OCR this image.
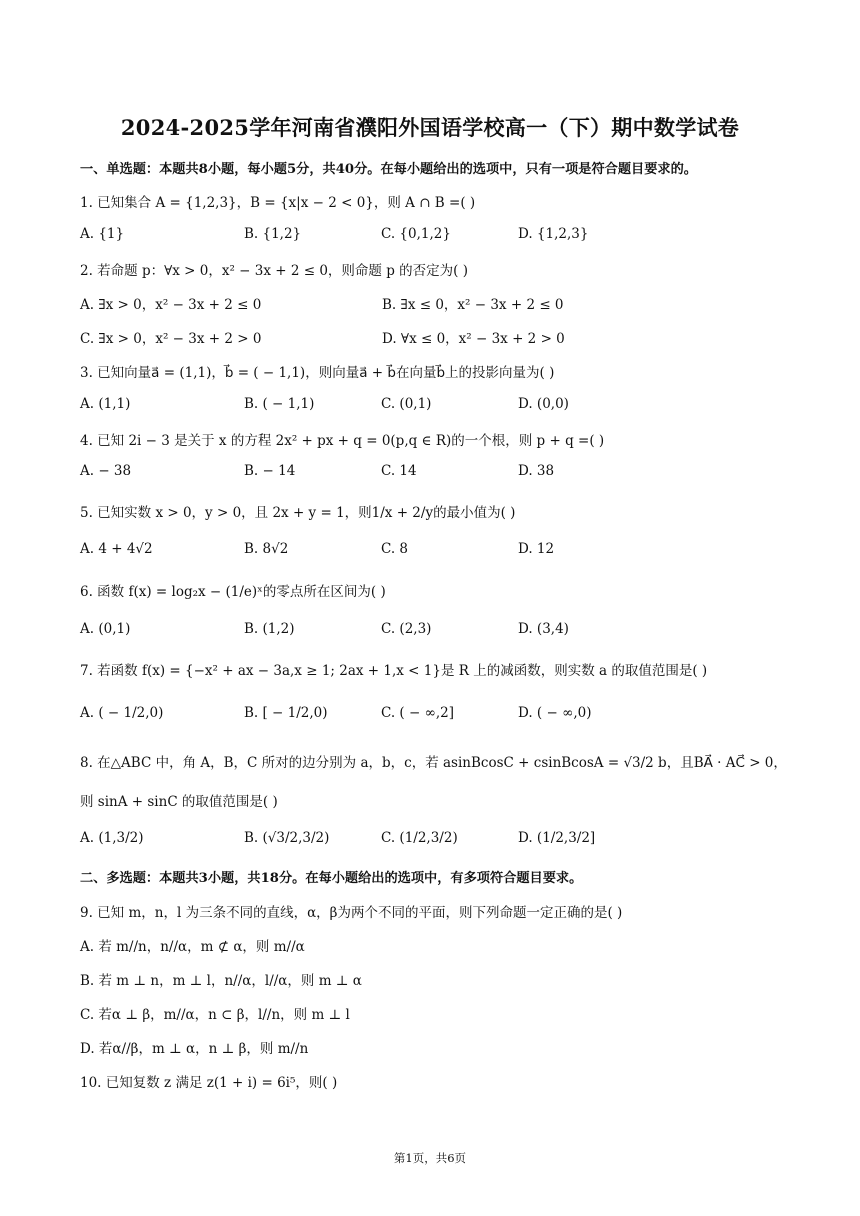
2024-2025学年河南省濮阳外国语学校高一（下）期中数学试卷
一、单选题：本题共8小题，每小题5分，共40分。在每小题给出的选项中，只有一项是符合题目要求的。
1. 已知集合 A = {1,2,3}，B = {x|x − 2 < 0}，则 A ∩ B =( )
A. {1}	B. {1,2}	C. {0,1,2}	D. {1,2,3}
2. 若命题 p：∀x > 0，x² − 3x + 2 ≤ 0，则命题 p 的否定为( )
A. ∃x > 0，x² − 3x + 2 ≤ 0	B. ∃x ≤ 0，x² − 3x + 2 ≤ 0
C. ∃x > 0，x² − 3x + 2 > 0	D. ∀x ≤ 0，x² − 3x + 2 > 0
3. 已知向量a⃗ = (1,1)，b⃗ = ( − 1,1)，则向量a⃗ + b⃗在向量b⃗上的投影向量为( )
A. (1,1)	B. ( − 1,1)	C. (0,1)	D. (0,0)
4. 已知 2i − 3 是关于 x 的方程 2x² + px + q = 0(p,q ∈ R)的一个根，则 p + q =( )
A. − 38	B. − 14	C. 14	D. 38
5. 已知实数 x > 0，y > 0，且 2x + y = 1，则1/x + 2/y的最小值为( )
A. 4 + 4√2	B. 8√2	C. 8	D. 12
6. 函数 f(x) = log₂x − (1/e)ˣ的零点所在区间为( )
A. (0,1)	B. (1,2)	C. (2,3)	D. (3,4)
7. 若函数 f(x) = {−x² + ax − 3a,x ≥ 1; 2ax + 1,x < 1}是 R 上的减函数，则实数 a 的取值范围是( )
A. ( − 1/2,0)	B. [ − 1/2,0)	C. ( − ∞,2]	D. ( − ∞,0)
8. 在△ABC 中，角 A，B，C 所对的边分别为 a，b，c，若 asinBcosC + csinBcosA = √3/2 b，且BA⃗ · AC⃗ > 0，
则 sinA + sinC 的取值范围是( )
A. (1,3/2)	B. (√3/2,3/2)	C. (1/2,3/2)	D. (1/2,3/2]
二、多选题：本题共3小题，共18分。在每小题给出的选项中，有多项符合题目要求。
9. 已知 m，n，l 为三条不同的直线，α，β为两个不同的平面，则下列命题一定正确的是( )
A. 若 m//n，n//α，m ⊄ α，则 m//α
B. 若 m ⊥ n，m ⊥ l，n//α，l//α，则 m ⊥ α
C. 若α ⊥ β，m//α，n ⊂ β，l//n，则 m ⊥ l
D. 若α//β，m ⊥ α，n ⊥ β，则 m//n
10. 已知复数 z 满足 z(1 + i) = 6i⁵，则( )
第1页，共6页
